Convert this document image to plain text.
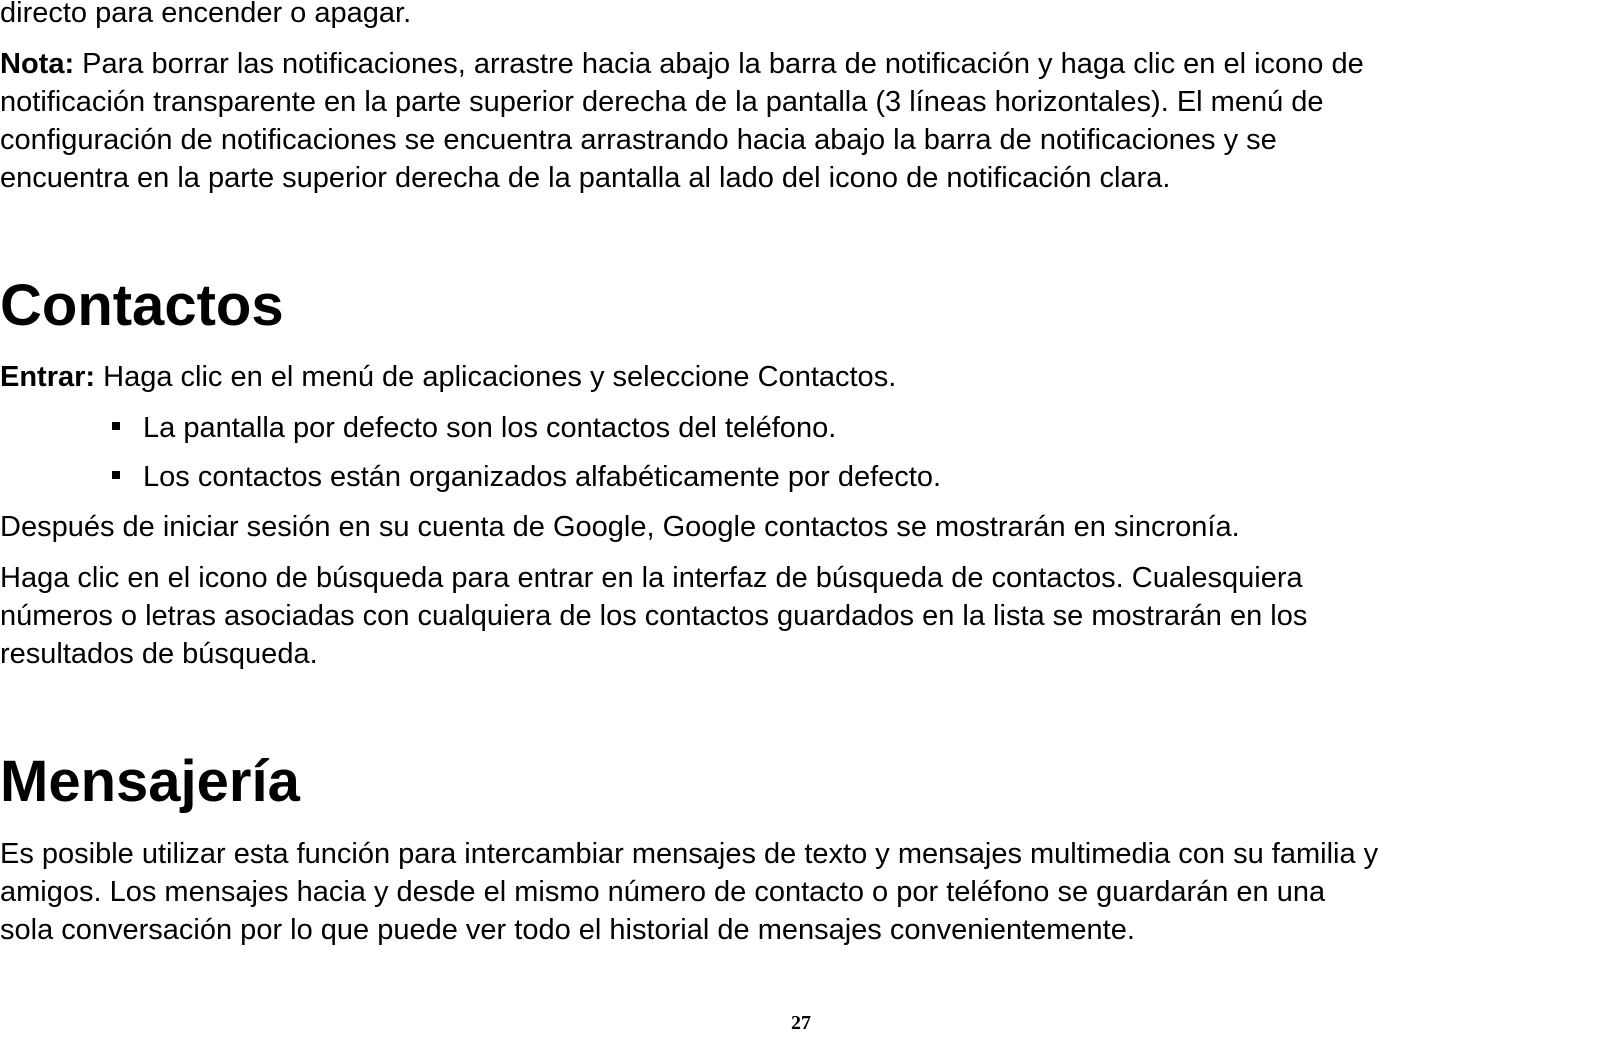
directo para encender o apagar.

Nota: Para borrar las notificaciones, arrastre hacia abajo la barra de notificación y haga clic en el icono de
notificación transparente en la parte superior derecha de la pantalla (3 líneas horizontales). El menú de
configuración de notificaciones se encuentra arrastrando hacia abajo la barra de notificaciones y se
encuentra en la parte superior derecha de la pantalla al lado del icono de notificación clara.

Contactos

Entrar: Haga clic en el menú de aplicaciones y seleccione Contactos.

La pantalla por defecto son los contactos del teléfono.
Los contactos están organizados alfabéticamente por defecto.

Después de iniciar sesión en su cuenta de Google, Google contactos se mostrarán en sincronía.

Haga clic en el icono de búsqueda para entrar en la interfaz de búsqueda de contactos. Cualesquiera
números o letras asociadas con cualquiera de los contactos guardados en la lista se mostrarán en los
resultados de búsqueda.

Mensajería

Es posible utilizar esta función para intercambiar mensajes de texto y mensajes multimedia con su familia y
amigos. Los mensajes hacia y desde el mismo número de contacto o por teléfono se guardarán en una
sola conversación por lo que puede ver todo el historial de mensajes convenientemente.

27
